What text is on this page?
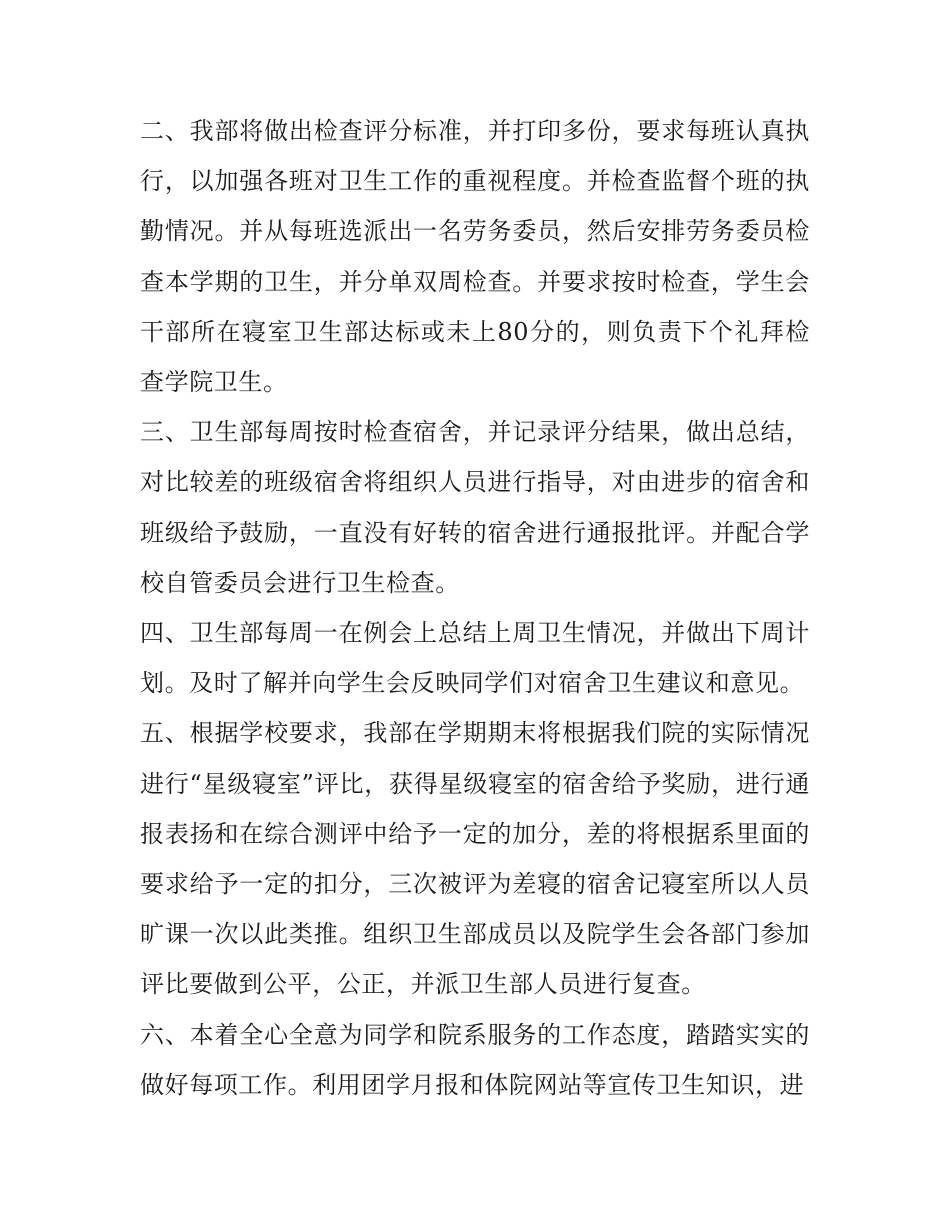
二、我部将做出检查评分标准，并打印多份，要求每班认真执行，以加强各班对卫生工作的重视程度。并检查监督个班的执勤情况。并从每班选派出一名劳务委员，然后安排劳务委员检查本学期的卫生，并分单双周检查。并要求按时检查，学生会干部所在寝室卫生部达标或未上80分的，则负责下个礼拜检查学院卫生。

三、卫生部每周按时检查宿舍，并记录评分结果，做出总结，对比较差的班级宿舍将组织人员进行指导，对由进步的宿舍和班级给予鼓励，一直没有好转的宿舍进行通报批评。并配合学校自管委员会进行卫生检查。

四、卫生部每周一在例会上总结上周卫生情况，并做出下周计划。及时了解并向学生会反映同学们对宿舍卫生建议和意见。

五、根据学校要求，我部在学期期末将根据我们院的实际情况进行“星级寝室”评比，获得星级寝室的宿舍给予奖励，进行通报表扬和在综合测评中给予一定的加分，差的将根据系里面的要求给予一定的扣分，三次被评为差寝的宿舍记寝室所以人员旷课一次以此类推。组织卫生部成员以及院学生会各部门参加评比要做到公平，公正，并派卫生部人员进行复查。

六、本着全心全意为同学和院系服务的工作态度，踏踏实实的做好每项工作。利用团学月报和体院网站等宣传卫生知识，进
